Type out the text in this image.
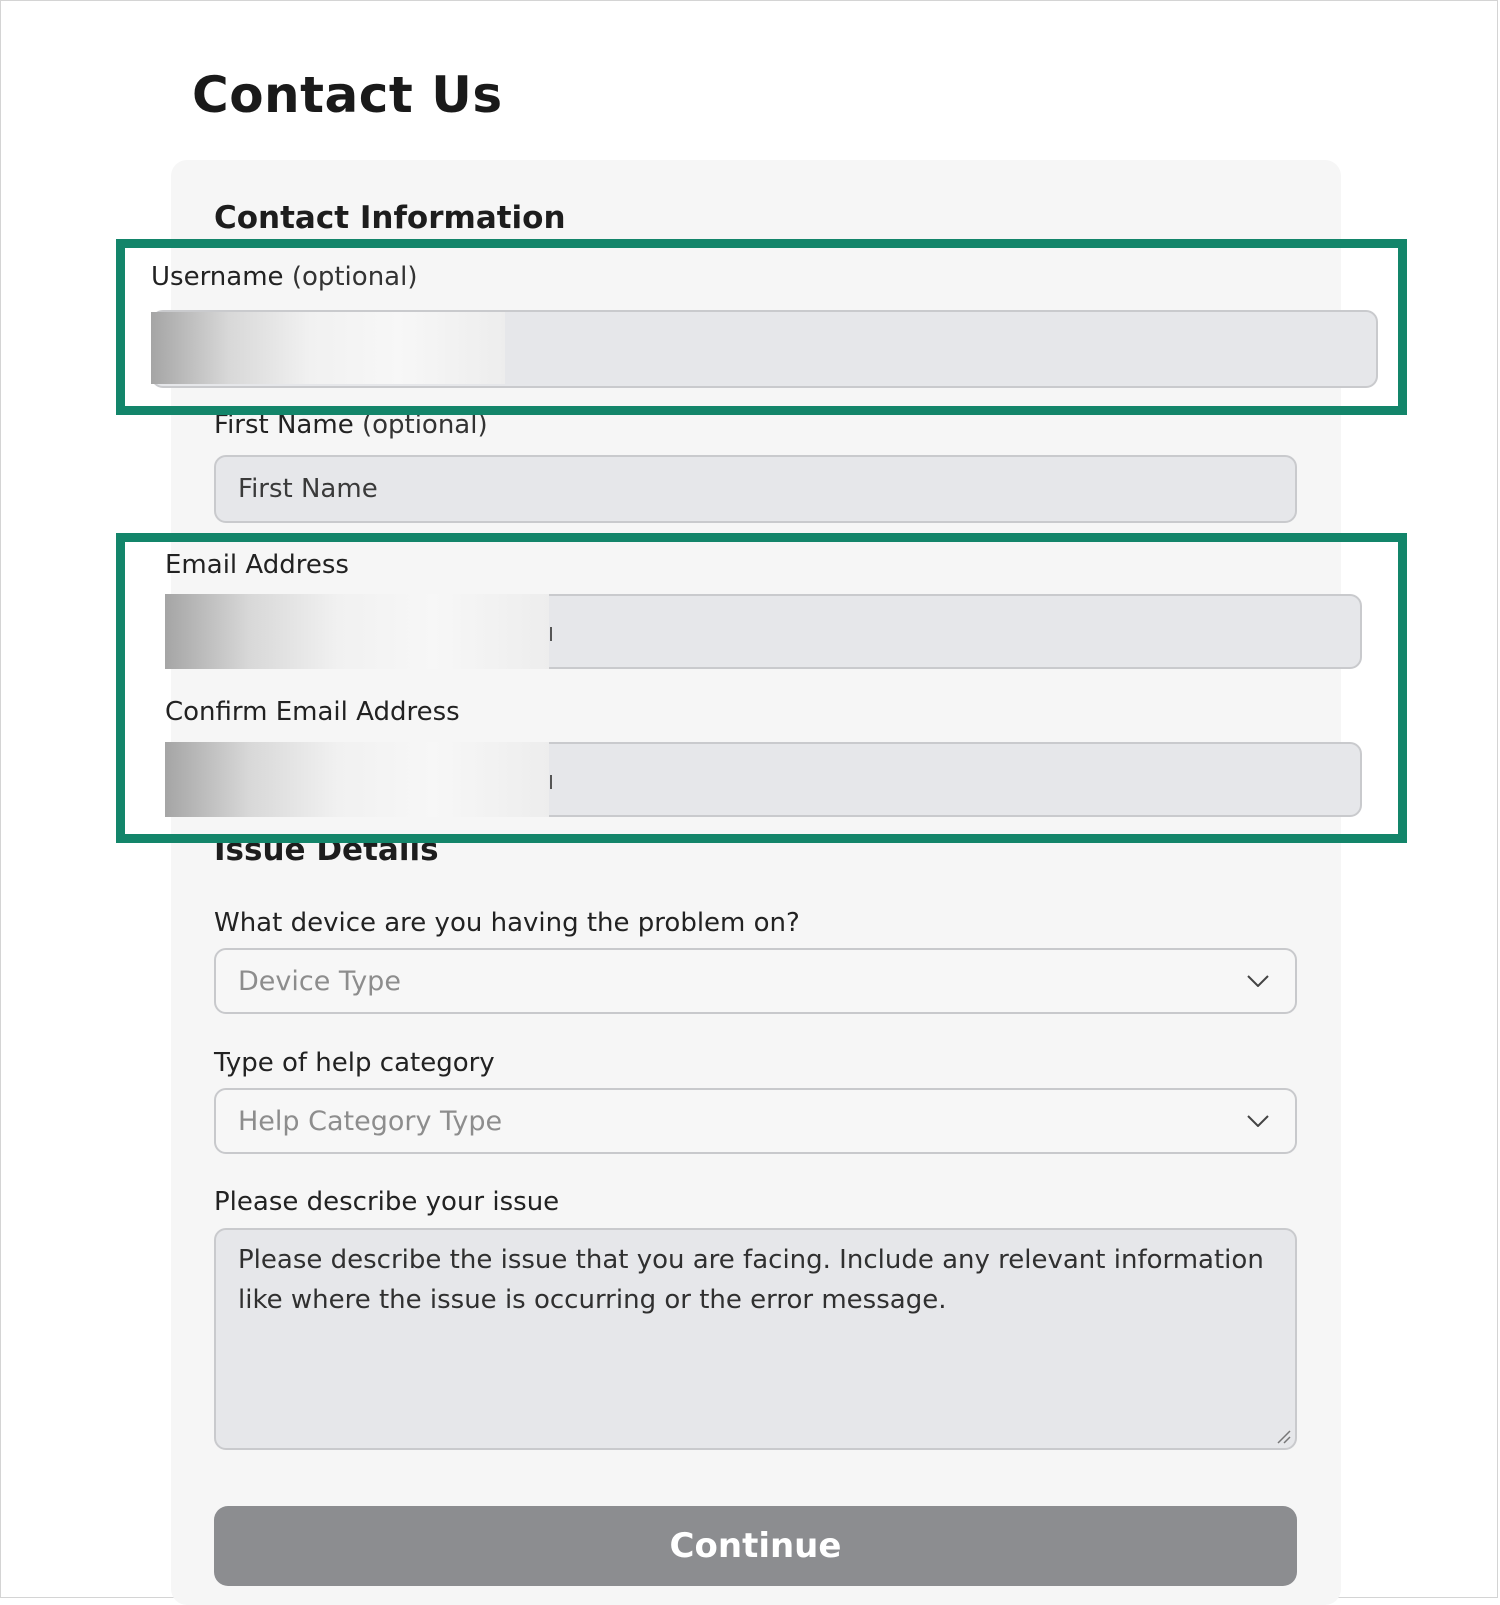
Contact Us
Contact Information
Username (optional)
First Name (optional)
First Name
Email Address
Confirm Email Address
Issue Details
What device are you having the problem on?
Device Type
Type of help category
Help Category Type
Please describe your issue
Please describe the issue that you are facing. Include any relevant information like where the issue is occurring or the error message.
Continue
